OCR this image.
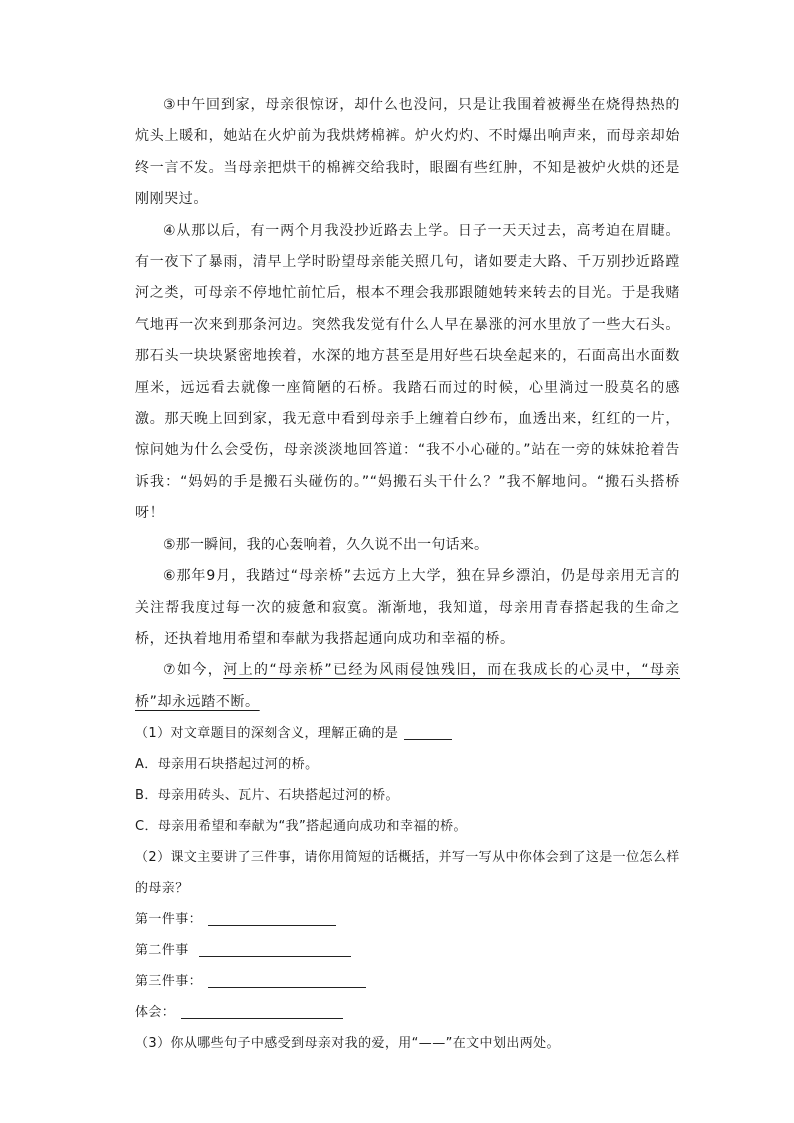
③中午回到家，母亲很惊讶，却什么也没问，只是让我围着被褥坐在烧得热热的炕头上暖和，她站在火炉前为我烘烤棉裤。炉火灼灼、不时爆出响声来，而母亲却始终一言不发。当母亲把烘干的棉裤交给我时，眼圈有些红肿，不知是被炉火烘的还是刚刚哭过。

④从那以后，有一两个月我没抄近路去上学。日子一天天过去，高考迫在眉睫。有一夜下了暴雨，清早上学时盼望母亲能关照几句，诸如要走大路、千万别抄近路蹚河之类，可母亲不停地忙前忙后，根本不理会我那跟随她转来转去的目光。于是我赌气地再一次来到那条河边。突然我发觉有什么人早在暴涨的河水里放了一些大石头。那石头一块块紧密地挨着，水深的地方甚至是用好些石块垒起来的，石面高出水面数厘米，远远看去就像一座简陋的石桥。我踏石而过的时候，心里淌过一股莫名的感激。那天晚上回到家，我无意中看到母亲手上缠着白纱布，血透出来，红红的一片，惊问她为什么会受伤，母亲淡淡地回答道：“我不小心碰的。”站在一旁的妹妹抢着告诉我：“妈妈的手是搬石头碰伤的。”“妈搬石头干什么？”我不解地问。“搬石头搭桥呀！

⑤那一瞬间，我的心轰响着，久久说不出一句话来。

⑥那年9月，我踏过“母亲桥”去远方上大学，独在异乡漂泊，仍是母亲用无言的关注帮我度过每一次的疲惫和寂寞。渐渐地，我知道，母亲用青春搭起我的生命之桥，还执着地用希望和奉献为我搭起通向成功和幸福的桥。

⑦如今，河上的“母亲桥”已经为风雨侵蚀残旧，而在我成长的心灵中，“母亲桥”却永远踏不断。

（1）对文章题目的深刻含义，理解正确的是

A．母亲用石块搭起过河的桥。

B．母亲用砖头、瓦片、石块搭起过河的桥。

C．母亲用希望和奉献为“我”搭起通向成功和幸福的桥。

（2）课文主要讲了三件事，请你用简短的话概括，并写一写从中你体会到了这是一位怎么样的母亲？

第一件事：

第二件事

第三件事：

体会：

（3）你从哪些句子中感受到母亲对我的爱，用“——”在文中划出两处。
